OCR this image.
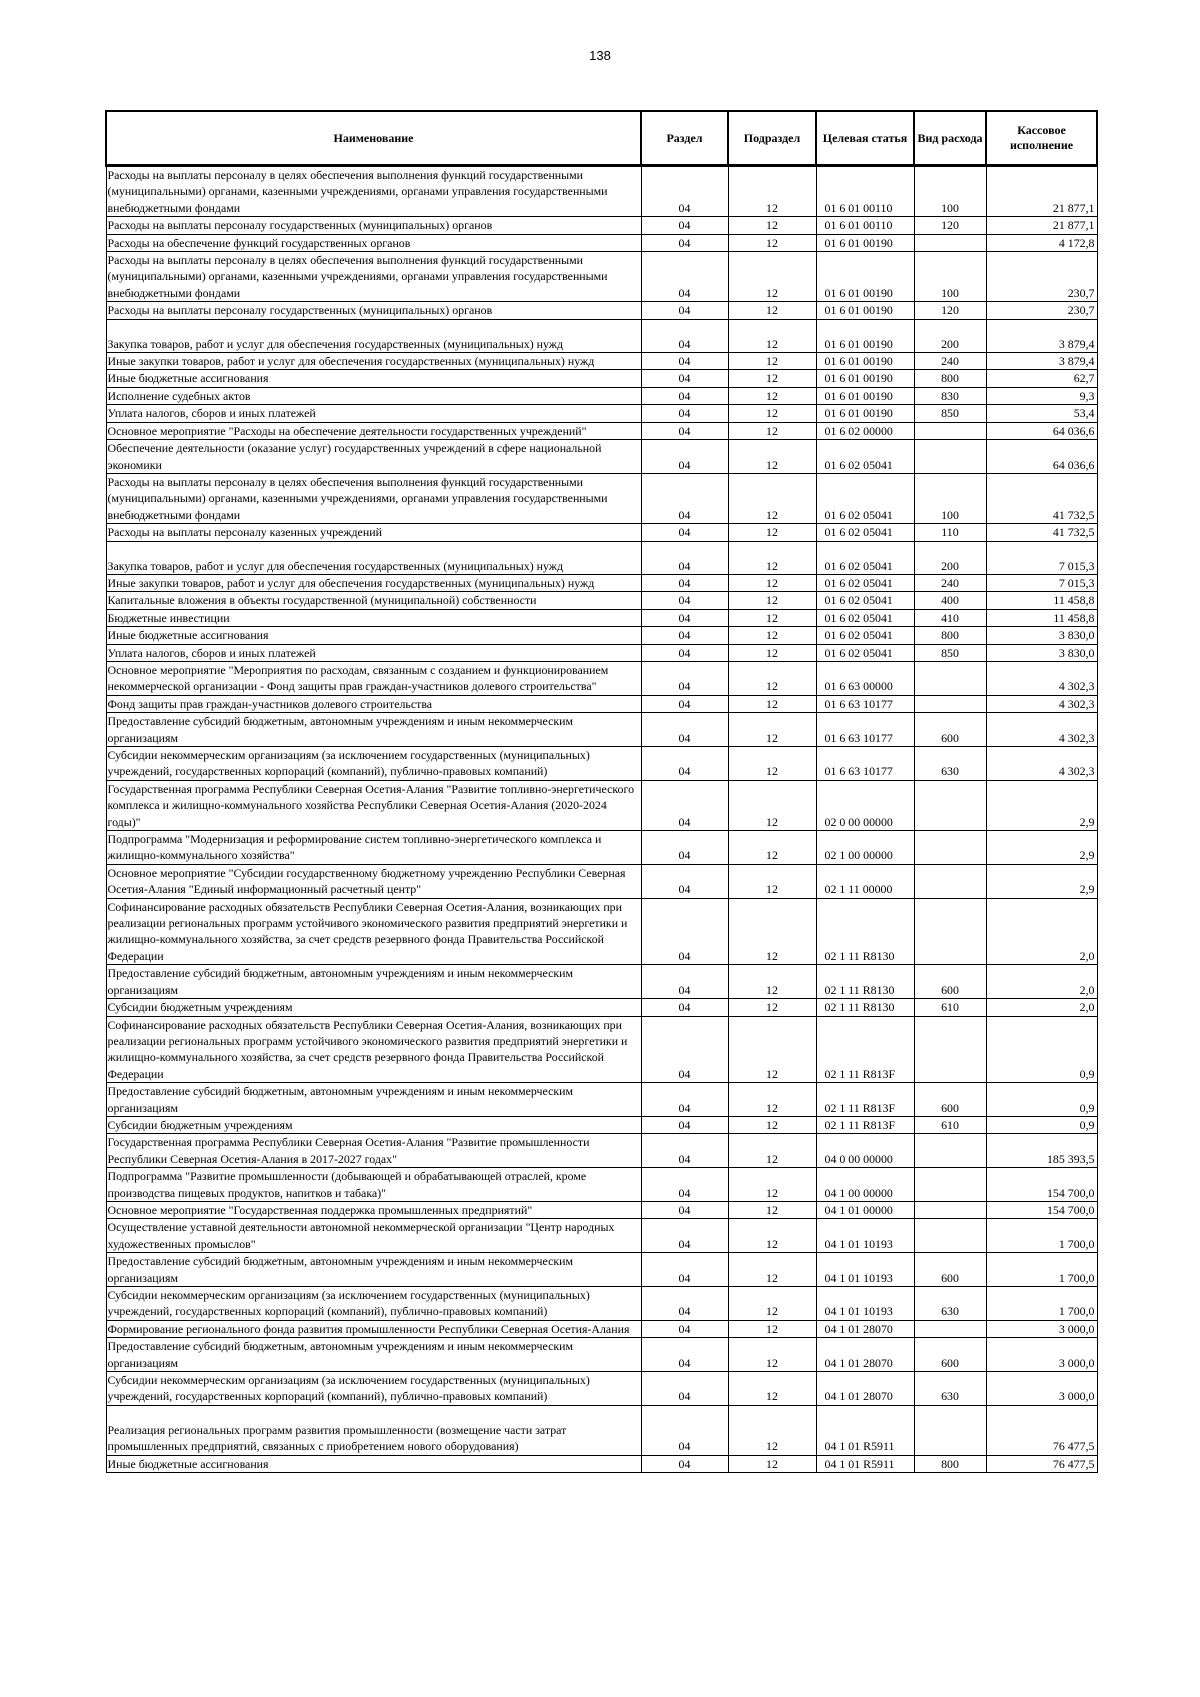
138
Наименование	Раздел	Подраздел	Целевая статья	Вид расхода	Кассовое исполнение
Расходы на выплаты персоналу в целях обеспечения выполнения функций государственными (муниципальными) органами, казенными учреждениями, органами управления государственными внебюджетными фондами	04	12	01 6 01 00110	100	21 877,1
Расходы на выплаты персоналу государственных (муниципальных) органов	04	12	01 6 01 00110	120	21 877,1
Расходы на обеспечение функций государственных органов	04	12	01 6 01 00190		4 172,8
Расходы на выплаты персоналу в целях обеспечения выполнения функций государственными (муниципальными) органами, казенными учреждениями, органами управления государственными внебюджетными фондами	04	12	01 6 01 00190	100	230,7
Расходы на выплаты персоналу государственных (муниципальных) органов	04	12	01 6 01 00190	120	230,7
Закупка товаров, работ и услуг для обеспечения государственных (муниципальных) нужд	04	12	01 6 01 00190	200	3 879,4
Иные закупки товаров, работ и услуг для обеспечения государственных (муниципальных) нужд	04	12	01 6 01 00190	240	3 879,4
Иные бюджетные ассигнования	04	12	01 6 01 00190	800	62,7
Исполнение судебных актов	04	12	01 6 01 00190	830	9,3
Уплата налогов, сборов и иных платежей	04	12	01 6 01 00190	850	53,4
Основное мероприятие "Расходы на обеспечение деятельности государственных учреждений"	04	12	01 6 02 00000		64 036,6
Обеспечение деятельности (оказание услуг) государственных учреждений в сфере национальной экономики	04	12	01 6 02 05041		64 036,6
Расходы на выплаты персоналу в целях обеспечения выполнения функций государственными (муниципальными) органами, казенными учреждениями, органами управления государственными внебюджетными фондами	04	12	01 6 02 05041	100	41 732,5
Расходы на выплаты персоналу казенных учреждений	04	12	01 6 02 05041	110	41 732,5
Закупка товаров, работ и услуг для обеспечения государственных (муниципальных) нужд	04	12	01 6 02 05041	200	7 015,3
Иные закупки товаров, работ и услуг для обеспечения государственных (муниципальных) нужд	04	12	01 6 02 05041	240	7 015,3
Капитальные вложения в объекты государственной (муниципальной) собственности	04	12	01 6 02 05041	400	11 458,8
Бюджетные инвестиции	04	12	01 6 02 05041	410	11 458,8
Иные бюджетные ассигнования	04	12	01 6 02 05041	800	3 830,0
Уплата налогов, сборов и иных платежей	04	12	01 6 02 05041	850	3 830,0
Основное мероприятие "Мероприятия по расходам, связанным с созданием и функционированием некоммерческой организации - Фонд защиты прав граждан-участников долевого строительства"	04	12	01 6 63 00000		4 302,3
Фонд защиты прав граждан-участников долевого строительства	04	12	01 6 63 10177		4 302,3
Предоставление субсидий бюджетным, автономным учреждениям и иным некоммерческим организациям	04	12	01 6 63 10177	600	4 302,3
Субсидии некоммерческим организациям (за исключением государственных (муниципальных) учреждений, государственных корпораций (компаний), публично-правовых компаний)	04	12	01 6 63 10177	630	4 302,3
Государственная программа Республики Северная Осетия-Алания "Развитие топливно-энергетического комплекса и жилищно-коммунального хозяйства Республики Северная Осетия-Алания (2020-2024 годы)"	04	12	02 0 00 00000		2,9
Подпрограмма "Модернизация и реформирование систем топливно-энергетического комплекса и жилищно-коммунального хозяйства"	04	12	02 1 00 00000		2,9
Основное мероприятие "Субсидии государственному бюджетному учреждению Республики Северная Осетия-Алания "Единый информационный расчетный центр"	04	12	02 1 11 00000		2,9
Софинансирование расходных обязательств Республики Северная Осетия-Алания, возникающих при реализации региональных программ устойчивого экономического развития предприятий энергетики и жилищно-коммунального хозяйства, за счет средств резервного фонда Правительства Российской Федерации	04	12	02 1 11 R8130		2,0
Предоставление субсидий бюджетным, автономным учреждениям и иным некоммерческим организациям	04	12	02 1 11 R8130	600	2,0
Субсидии бюджетным учреждениям	04	12	02 1 11 R8130	610	2,0
Софинансирование расходных обязательств Республики Северная Осетия-Алания, возникающих при реализации региональных программ устойчивого экономического развития предприятий энергетики и жилищно-коммунального хозяйства, за счет средств резервного фонда Правительства Российской Федерации	04	12	02 1 11 R813F		0,9
Предоставление субсидий бюджетным, автономным учреждениям и иным некоммерческим организациям	04	12	02 1 11 R813F	600	0,9
Субсидии бюджетным учреждениям	04	12	02 1 11 R813F	610	0,9
Государственная программа Республики Северная Осетия-Алания "Развитие промышленности Республики Северная Осетия-Алания в 2017-2027 годах"	04	12	04 0 00 00000		185 393,5
Подпрограмма "Развитие промышленности (добывающей и обрабатывающей отраслей, кроме производства пищевых продуктов, напитков и табака)"	04	12	04 1 00 00000		154 700,0
Основное мероприятие "Государственная поддержка промышленных предприятий"	04	12	04 1 01 00000		154 700,0
Осуществление уставной деятельности автономной некоммерческой организации "Центр народных художественных промыслов"	04	12	04 1 01 10193		1 700,0
Предоставление субсидий бюджетным, автономным учреждениям и иным некоммерческим организациям	04	12	04 1 01 10193	600	1 700,0
Субсидии некоммерческим организациям (за исключением государственных (муниципальных) учреждений, государственных корпораций (компаний), публично-правовых компаний)	04	12	04 1 01 10193	630	1 700,0
Формирование регионального фонда развития промышленности Республики Северная Осетия-Алания	04	12	04 1 01 28070		3 000,0
Предоставление субсидий бюджетным, автономным учреждениям и иным некоммерческим организациям	04	12	04 1 01 28070	600	3 000,0
Субсидии некоммерческим организациям (за исключением государственных (муниципальных) учреждений, государственных корпораций (компаний), публично-правовых компаний)	04	12	04 1 01 28070	630	3 000,0
Реализация региональных программ развития промышленности (возмещение части затрат промышленных предприятий, связанных с приобретением нового оборудования)	04	12	04 1 01 R5911		76 477,5
Иные бюджетные ассигнования	04	12	04 1 01 R5911	800	76 477,5
